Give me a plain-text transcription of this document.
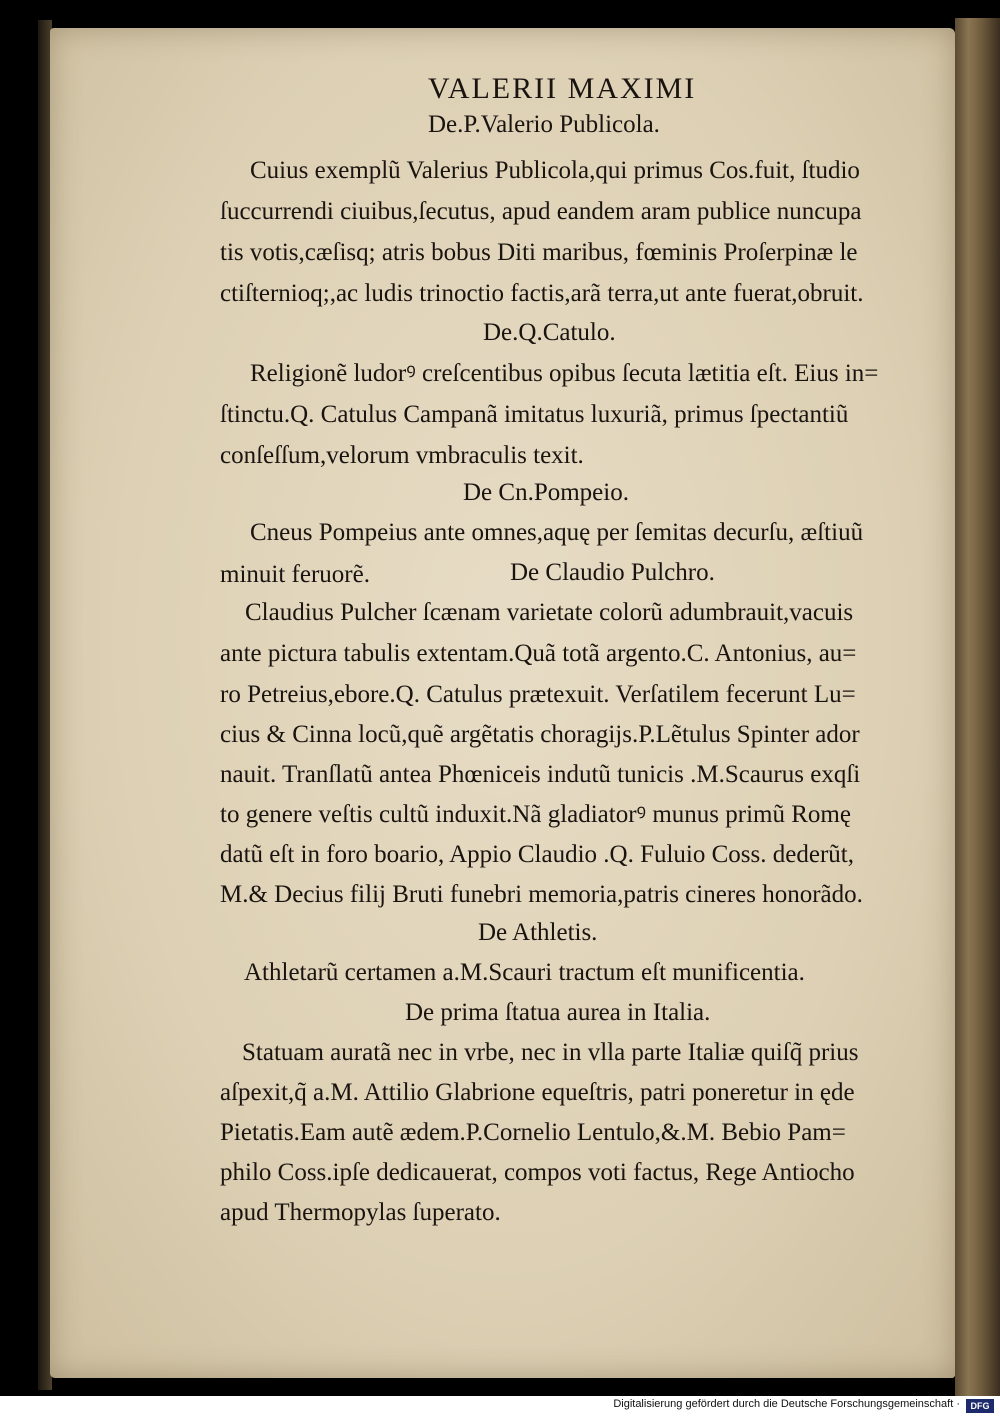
VALERII MAXIMI
De.P.Valerio Publicola.
Cuius exemplũ Valerius Publicola,qui primus Cos.fuit, ſtudio
ſuccurrendi ciuibus,ſecutus, apud eandem aram publice nuncupa
tis votis,cæſisq; atris bobus Diti maribus, fœminis Proſerpinæ le
ctiſternioq;,ac ludis trinoctio factis,arã terra,ut ante fuerat,obruit.
De.Q.Catulo.
Religionẽ ludorꝰ creſcentibus opibus ſecuta lætitia eſt. Eius in=
ſtinctu.Q. Catulus Campanã imitatus luxuriã, primus ſpectantiũ
conſeſſum,velorum vmbraculis texit.
De Cn.Pompeio.
Cneus Pompeius ante omnes,aquę per ſemitas decurſu, æſtiuũ
minuit feruorẽ.	De Claudio Pulchro.
Claudius Pulcher ſcænam varietate colorũ adumbrauit,vacuis
ante pictura tabulis extentam.Quã totã argento.C. Antonius, au=
ro Petreius,ebore.Q. Catulus prætexuit. Verſatilem fecerunt Lu=
cius & Cinna locũ,quẽ argẽtatis choragijs.P.Lẽtulus Spinter ador
nauit. Tranſlatũ antea Phœniceis indutũ tunicis .M.Scaurus exqſi
to genere veſtis cultũ induxit.Nã gladiatorꝰ munus primũ Romę
datũ eſt in foro boario, Appio Claudio .Q. Fuluio Coss. dederũt,
M.& Decius filij Bruti funebri memoria,patris cineres honorãdo.
De Athletis.
Athletarũ certamen a.M.Scauri tractum eſt munificentia.
De prima ſtatua aurea in Italia.
Statuam auratã nec in vrbe, nec in vlla parte Italiæ quiſq̃ prius
aſpexit,q̃ a.M. Attilio Glabrione equeſtris, patri poneretur in ęde
Pietatis.Eam autẽ ædem.P.Cornelio Lentulo,&.M. Bebio Pam=
philo Coss.ipſe dedicauerat, compos voti factus, Rege Antiocho
apud Thermopylas ſuperato.
Digitalisierung gefördert durch die Deutsche Forschungsgemeinschaft ·	DFG
